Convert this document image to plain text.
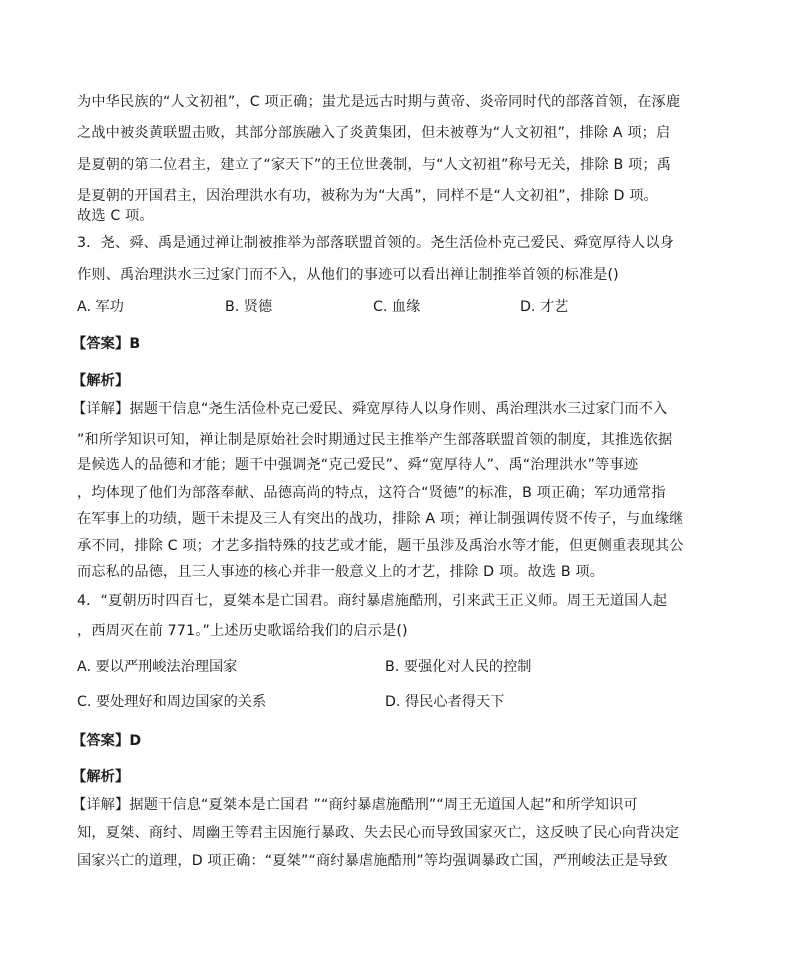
为中华民族的“人文初祖”，C 项正确；蚩尤是远古时期与黄帝、炎帝同时代的部落首领，在涿鹿
之战中被炎黄联盟击败，其部分部族融入了炎黄集团，但未被尊为“人文初祖”，排除 A 项；启
是夏朝的第二位君主，建立了“家天下”的王位世袭制，与“人文初祖”称号无关，排除 B 项；禹
是夏朝的开国君主，因治理洪水有功，被称为为“大禹”，同样不是“人文初祖”，排除 D 项。
故选 C 项。
3．尧、舜、禹是通过禅让制被推举为部落联盟首领的。尧生活俭朴克己爱民、舜宽厚待人以身
作则、禹治理洪水三过家门而不入，从他们的事迹可以看出禅让制推举首领的标准是()
A. 军功	B. 贤德	C. 血缘	D. 才艺
【答案】B
【解析】
【详解】据题干信息“尧生活俭朴克己爱民、舜宽厚待人以身作则、禹治理洪水三过家门而不入
”和所学知识可知，禅让制是原始社会时期通过民主推举产生部落联盟首领的制度，其推选依据
是候选人的品德和才能；题干中强调尧“克己爱民”、舜“宽厚待人”、禹“治理洪水”等事迹
，均体现了他们为部落奉献、品德高尚的特点，这符合“贤德”的标准，B 项正确；军功通常指
在军事上的功绩，题干未提及三人有突出的战功，排除 A 项；禅让制强调传贤不传子，与血缘继
承不同，排除 C 项；才艺多指特殊的技艺或才能，题干虽涉及禹治水等才能，但更侧重表现其公
而忘私的品德，且三人事迹的核心并非一般意义上的才艺，排除 D 项。故选 B 项。
4．“夏朝历时四百七，夏桀本是亡国君。商纣暴虐施酷刑，引来武王正义师。周王无道国人起
，西周灭在前 771。”上述历史歌谣给我们的启示是()
A. 要以严刑峻法治理国家	B. 要强化对人民的控制
C. 要处理好和周边国家的关系	D. 得民心者得天下
【答案】D
【解析】
【详解】据题干信息“夏桀本是亡国君 ”“商纣暴虐施酷刑”“周王无道国人起”和所学知识可
知，夏桀、商纣、周幽王等君主因施行暴政、失去民心而导致国家灭亡，这反映了民心向背决定
国家兴亡的道理，D 项正确：“夏桀”“商纣暴虐施酷刑”等均强调暴政亡国，严刑峻法正是导致
